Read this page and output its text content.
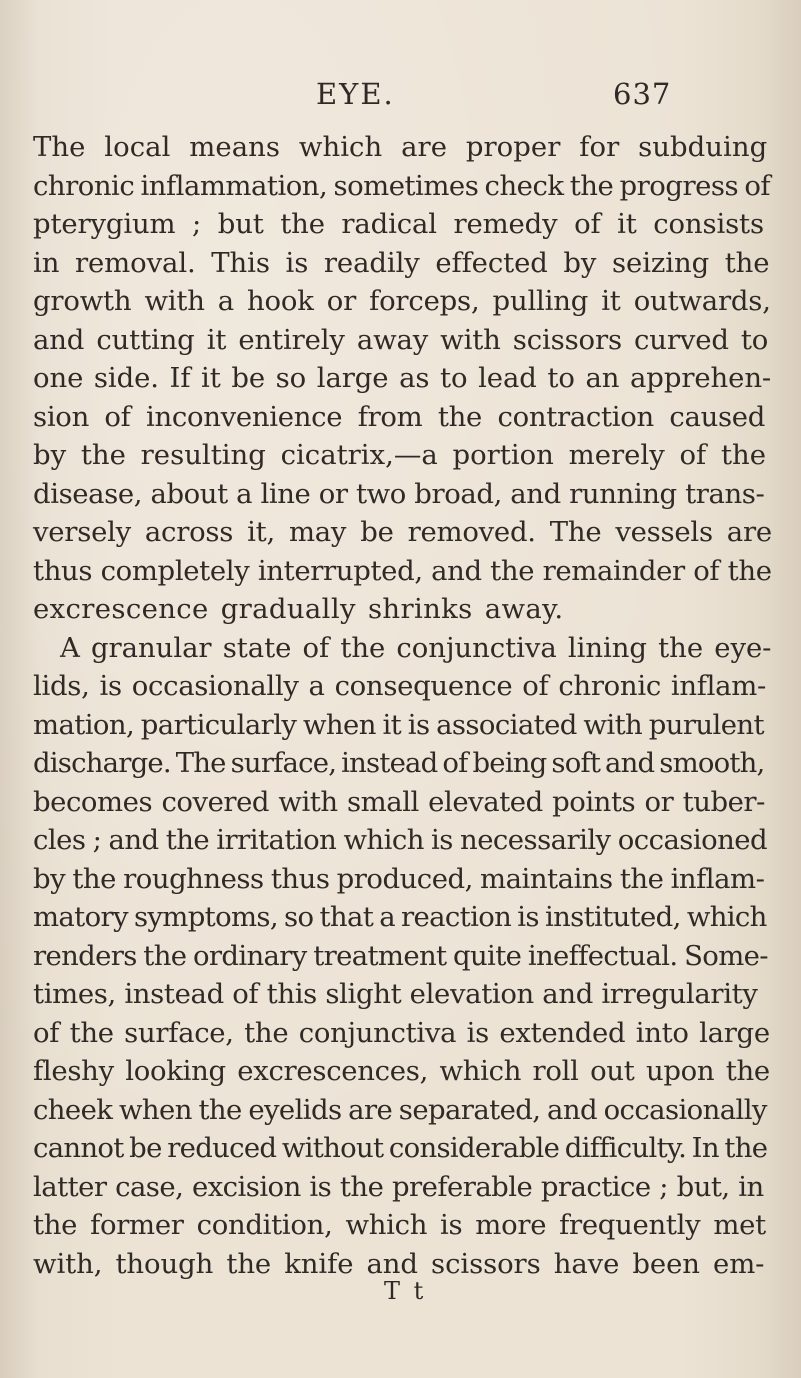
EYE.	637
The local means which are proper for subduing
chronic inflammation, sometimes check the progress of
pterygium ; but the radical remedy of it consists
in removal. This is readily effected by seizing the
growth with a hook or forceps, pulling it outwards,
and cutting it entirely away with scissors curved to
one side. If it be so large as to lead to an apprehen-
sion of inconvenience from the contraction caused
by the resulting cicatrix,—a portion merely of the
disease, about a line or two broad, and running trans-
versely across it, may be removed. The vessels are
thus completely interrupted, and the remainder of the
excrescence gradually shrinks away.
A granular state of the conjunctiva lining the eye-
lids, is occasionally a consequence of chronic inflam-
mation, particularly when it is associated with purulent
discharge. The surface, instead of being soft and smooth,
becomes covered with small elevated points or tuber-
cles ; and the irritation which is necessarily occasioned
by the roughness thus produced, maintains the inflam-
matory symptoms, so that a reaction is instituted, which
renders the ordinary treatment quite ineffectual. Some-
times, instead of this slight elevation and irregularity
of the surface, the conjunctiva is extended into large
fleshy looking excrescences, which roll out upon the
cheek when the eyelids are separated, and occasionally
cannot be reduced without considerable difficulty. In the
latter case, excision is the preferable practice ; but, in
the former condition, which is more frequently met
with, though the knife and scissors have been em-
T t
